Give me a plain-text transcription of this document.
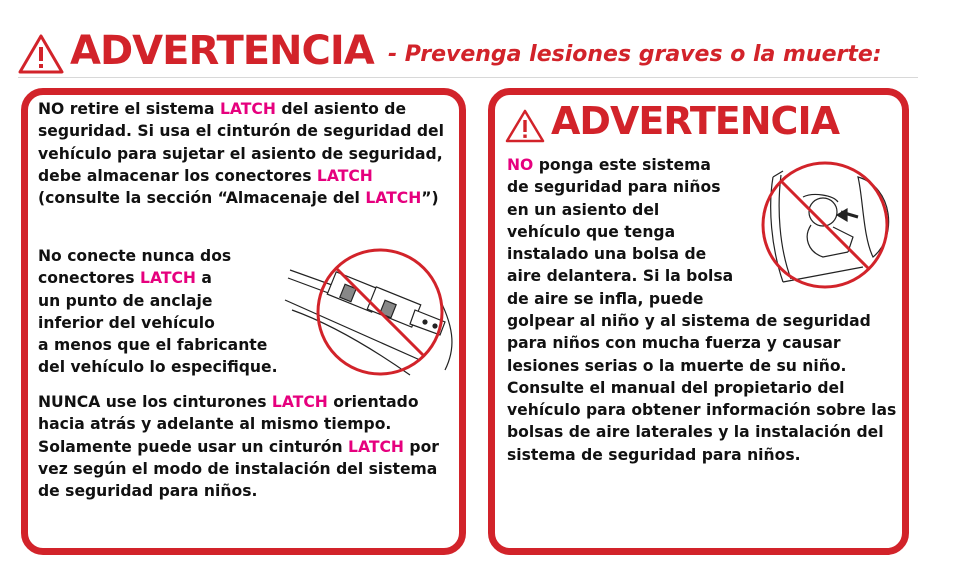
ADVERTENCIA - Prevenga lesiones graves o la muerte:
NO retire el sistema LATCH del asiento de seguridad. Si usa el cinturón de seguridad del vehículo para sujetar el asiento de seguridad, debe almacenar los conectores LATCH (consulte la sección “Almacenaje del LATCH”)
No conecte nunca dos
conectores LATCH a
un punto de anclaje
inferior del vehículo
a menos que el fabricante
del vehículo lo especifique.
NUNCA use los cinturones LATCH orientado hacia atrás y adelante al mismo tiempo. Solamente puede usar un cinturón LATCH por vez según el modo de instalación del sistema de seguridad para niños.
ADVERTENCIA
NO ponga este sistema
de seguridad para niños
en un asiento del
vehículo que tenga
instalado una bolsa de
aire delantera. Si la bolsa
de aire se infla, puede
golpear al niño y al sistema de seguridad para niños con mucha fuerza y causar lesiones serias o la muerte de su niño. Consulte el manual del propietario del vehículo para obtener información sobre las bolsas de aire laterales y la instalación del sistema de seguridad para niños.
